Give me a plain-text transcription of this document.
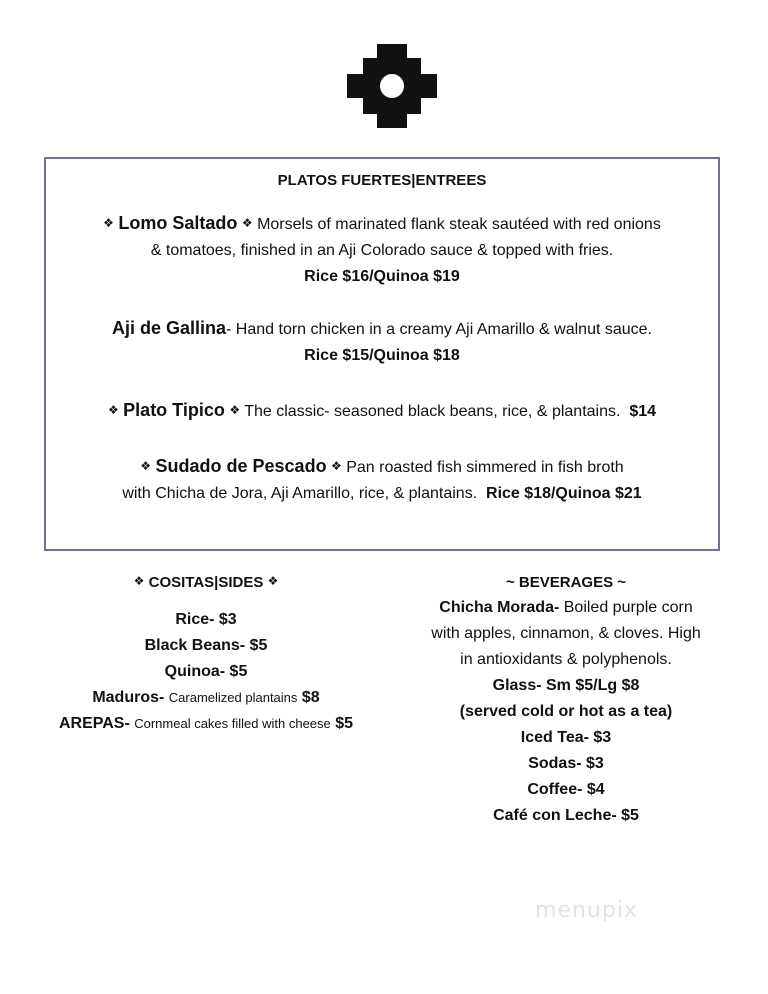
PLATOS FUERTES|ENTREES
❖ Lomo Saltado ❖ Morsels of marinated flank steak sautéed with red onions
& tomatoes, finished in an Aji Colorado sauce & topped with fries.
Rice $16/Quinoa $19
Aji de Gallina- Hand torn chicken in a creamy Aji Amarillo & walnut sauce.
Rice $15/Quinoa $18
❖ Plato Tipico ❖ The classic- seasoned black beans, rice, & plantains. $14
❖ Sudado de Pescado ❖ Pan roasted fish simmered in fish broth
with Chicha de Jora, Aji Amarillo, rice, & plantains. Rice $18/Quinoa $21
❖ COSITAS|SIDES ❖
Rice- $3
Black Beans- $5
Quinoa- $5
Maduros- Caramelized plantains $8
AREPAS- Cornmeal cakes filled with cheese $5
~ BEVERAGES ~
Chicha Morada- Boiled purple corn
with apples, cinnamon, & cloves. High
in antioxidants & polyphenols.
Glass- Sm $5/Lg $8
(served cold or hot as a tea)
Iced Tea- $3
Sodas- $3
Coffee- $4
Café con Leche- $5
menupix
